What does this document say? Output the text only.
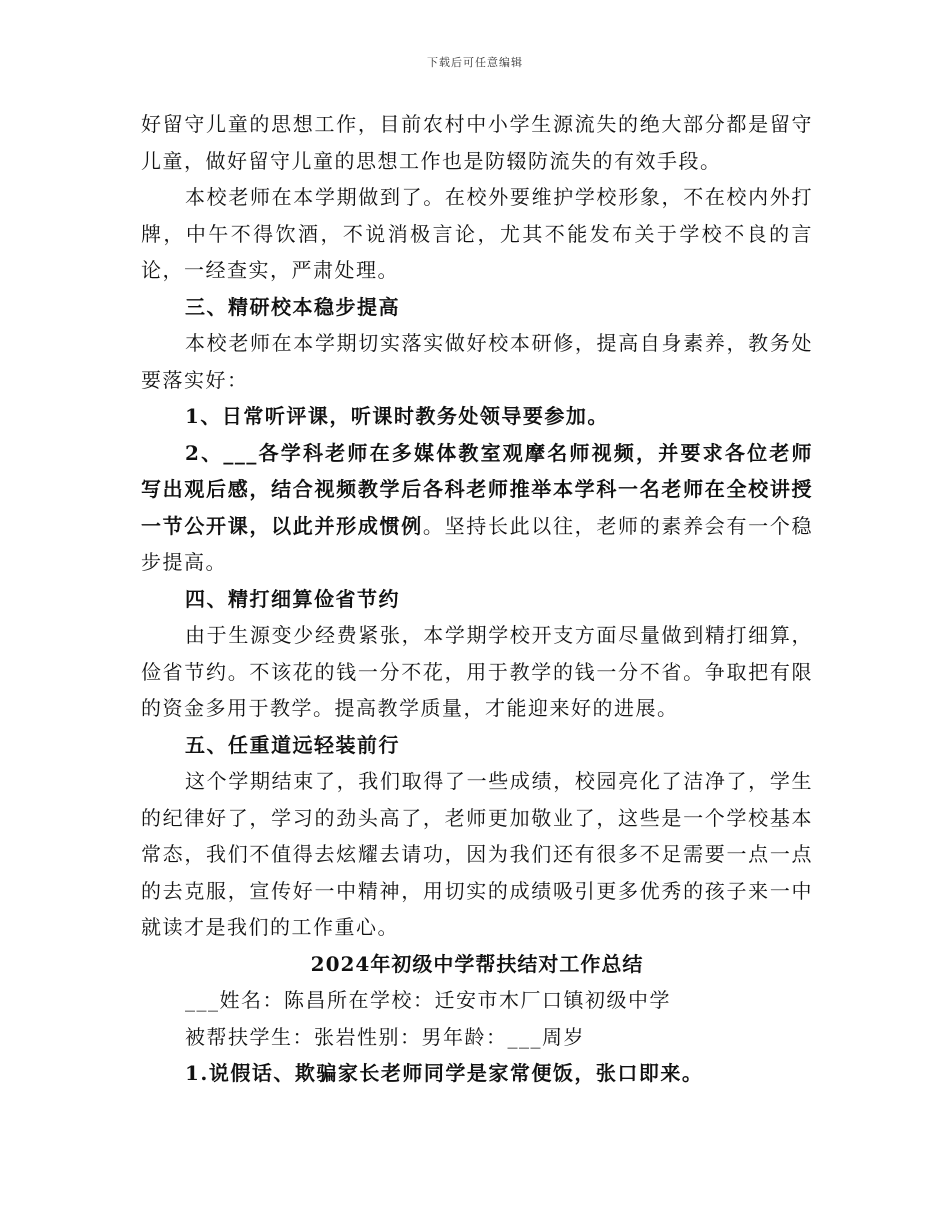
下载后可任意编辑

好留守儿童的思想工作，目前农村中小学生源流失的绝大部分都是留守儿童，做好留守儿童的思想工作也是防辍防流失的有效手段。

本校老师在本学期做到了。在校外要维护学校形象，不在校内外打牌，中午不得饮酒，不说消极言论，尤其不能发布关于学校不良的言论，一经查实，严肃处理。

三、精研校本稳步提高

本校老师在本学期切实落实做好校本研修，提高自身素养，教务处要落实好：

1、日常听评课，听课时教务处领导要参加。

2、___各学科老师在多媒体教室观摩名师视频，并要求各位老师写出观后感，结合视频教学后各科老师推举本学科一名老师在全校讲授一节公开课，以此并形成惯例。坚持长此以往，老师的素养会有一个稳步提高。

四、精打细算俭省节约

由于生源变少经费紧张，本学期学校开支方面尽量做到精打细算，俭省节约。不该花的钱一分不花，用于教学的钱一分不省。争取把有限的资金多用于教学。提高教学质量，才能迎来好的进展。

五、任重道远轻装前行

这个学期结束了，我们取得了一些成绩，校园亮化了洁净了，学生的纪律好了，学习的劲头高了，老师更加敬业了，这些是一个学校基本常态，我们不值得去炫耀去请功，因为我们还有很多不足需要一点一点的去克服，宣传好一中精神，用切实的成绩吸引更多优秀的孩子来一中就读才是我们的工作重心。

2024年初级中学帮扶结对工作总结

___姓名：陈昌所在学校：迁安市木厂口镇初级中学

被帮扶学生：张岩性别：男年龄：___周岁

1.说假话、欺骗家长老师同学是家常便饭，张口即来。
